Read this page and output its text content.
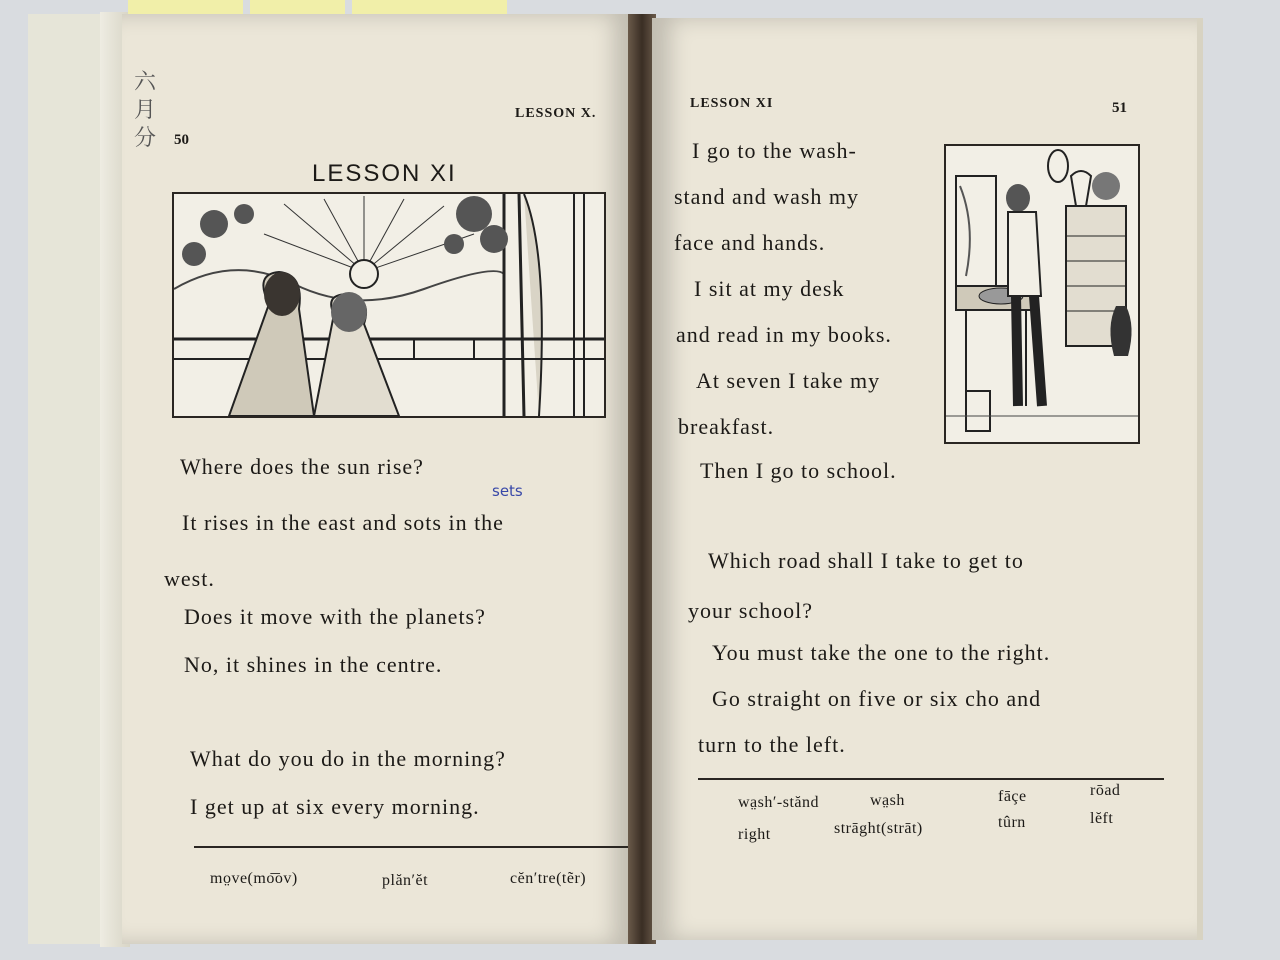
六月分 50
LESSON X.
LESSON XI
Where does the sun rise?
It rises in the east and sots in the
sets
west.
Does it move with the planets?
No, it shines in the centre.
What do you do in the morning?
I get up at six every morning.
mo̤ve(mo͞ov)	plăn′ĕt	cĕn′tre(tẽr)
LESSON XI	51
I go to the wash-
stand and wash my
face and hands.
I sit at my desk
and read in my books.
At seven I take my
breakfast.
Then I go to school.
Which road shall I take to get to
your school?
You must take the one to the right.
Go straight on five or six cho and
turn to the left.
wa̤sh′-stănd	wa̤sh	fāçe	rōad
right	strāght(strāt)	tûrn	lĕft
